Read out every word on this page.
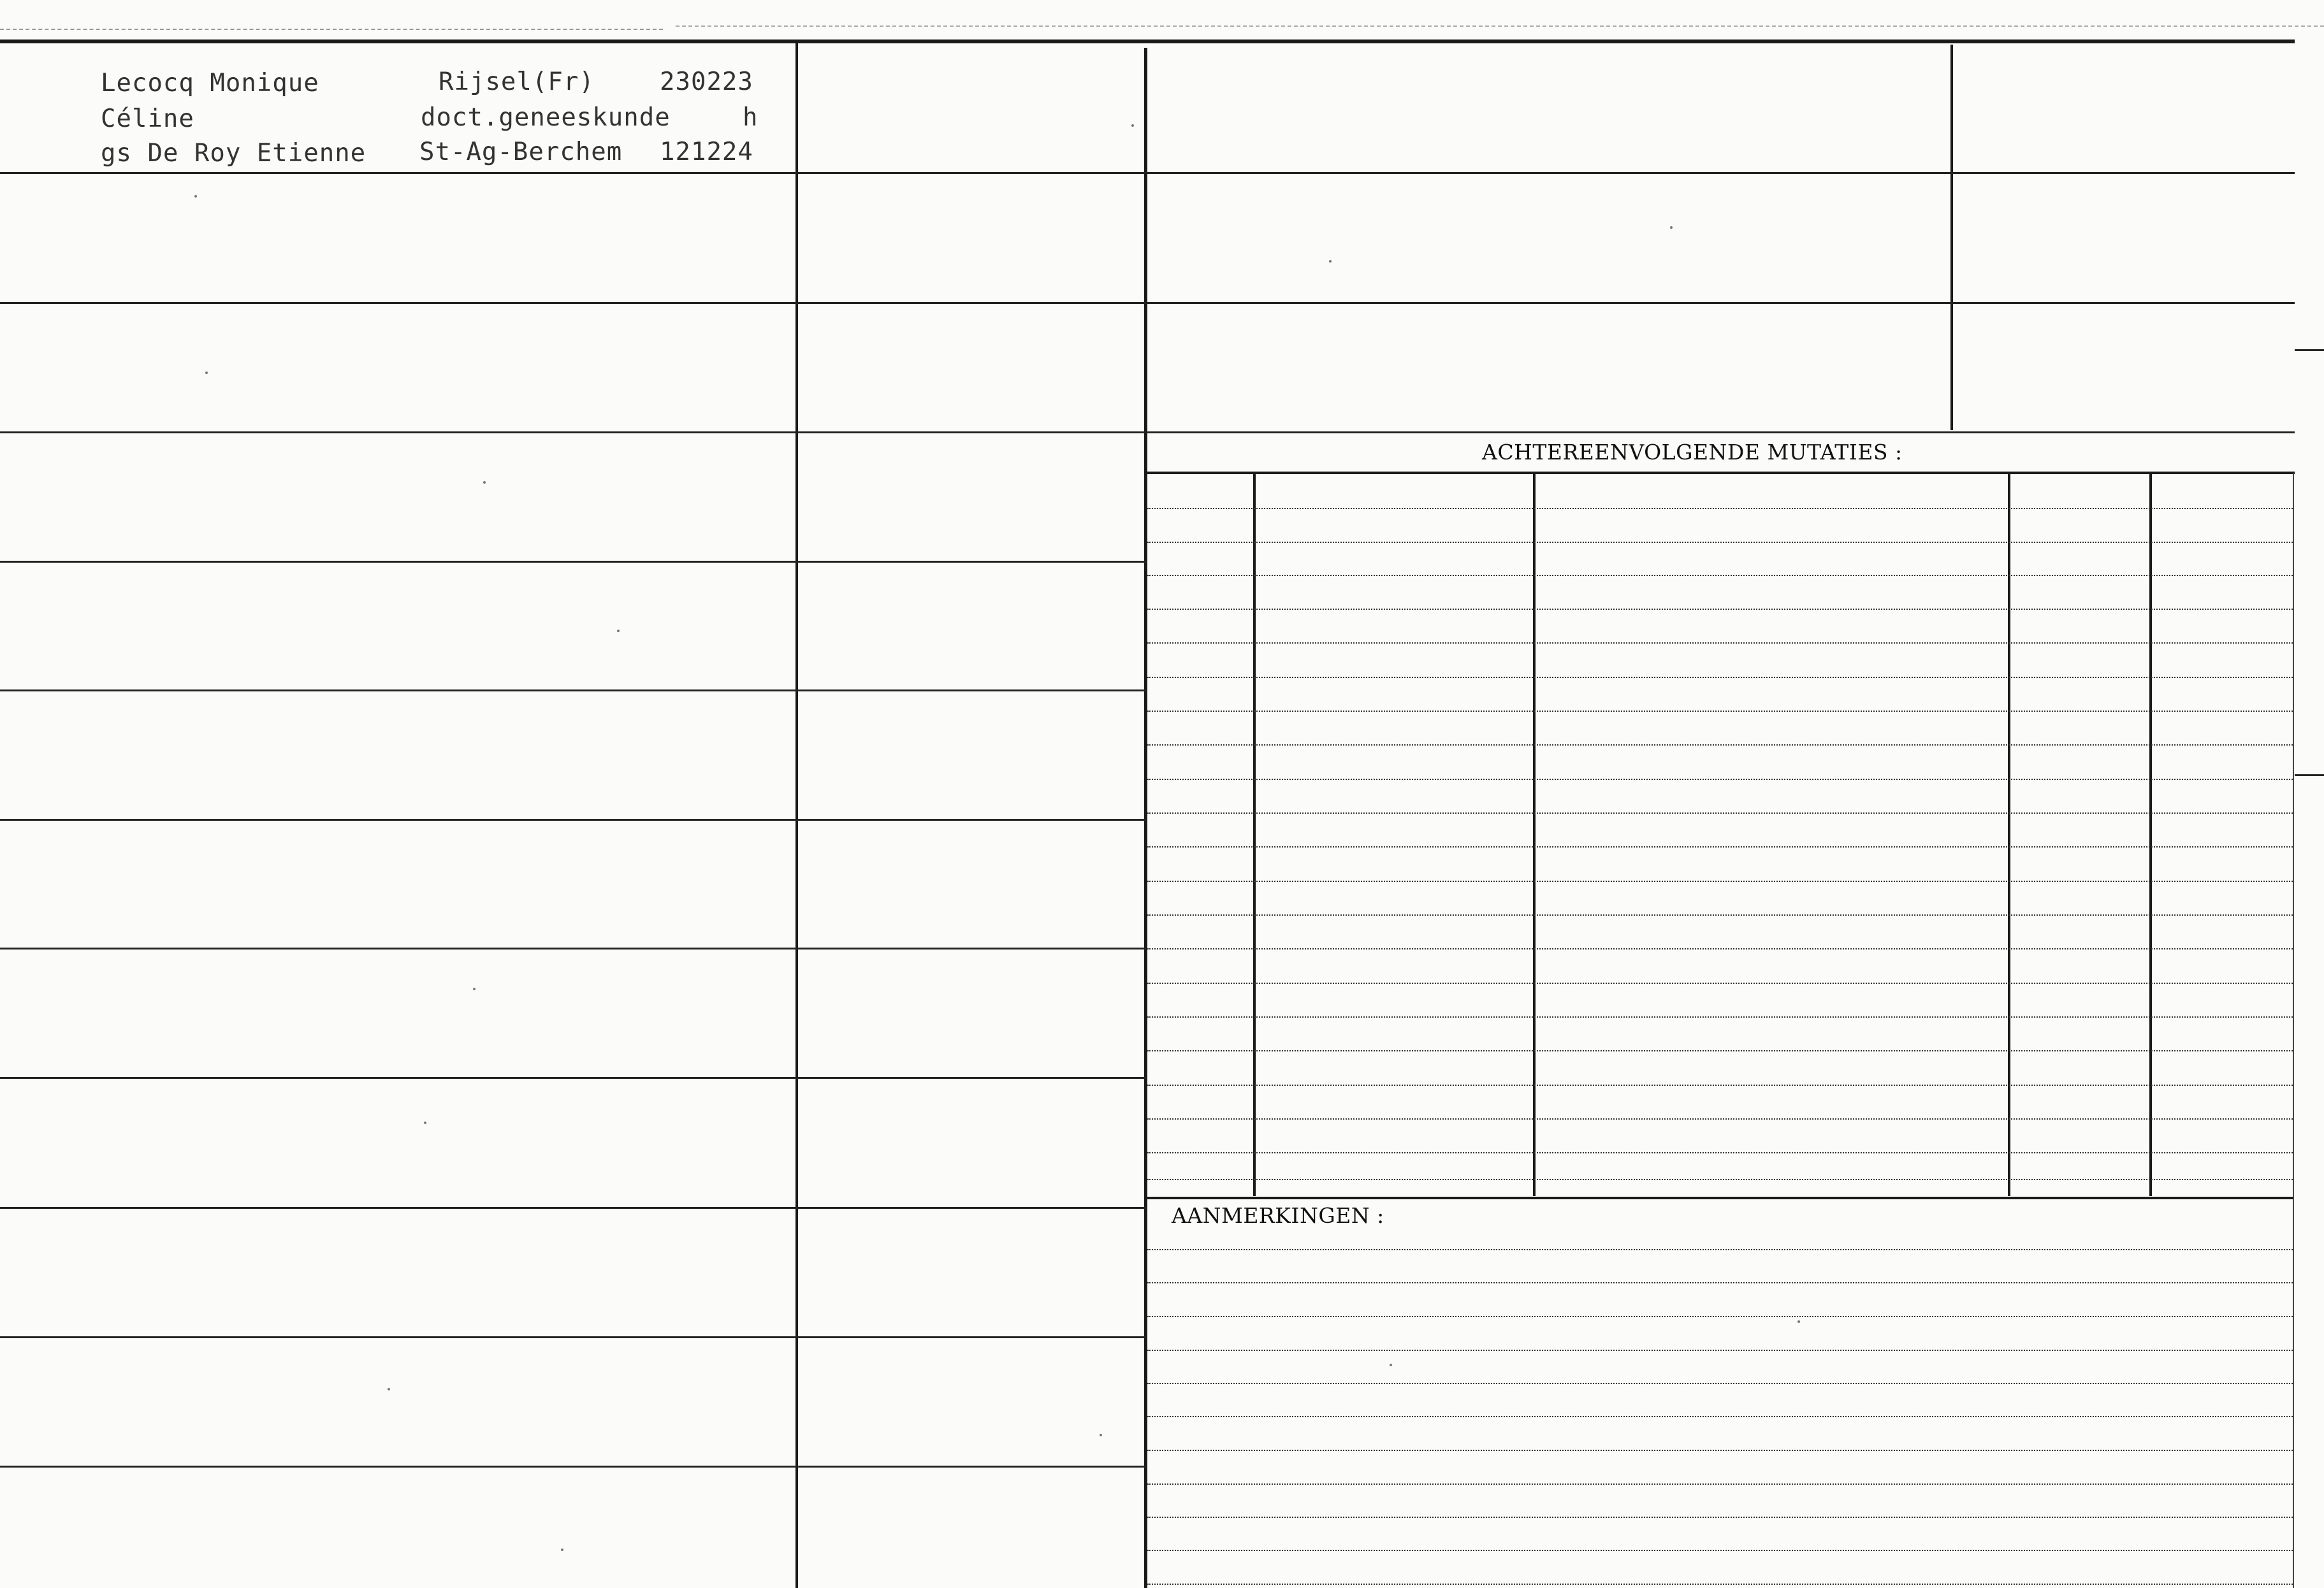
Lecocq Monique	Rijsel(Fr)	230223
Céline	doct.geneeskunde	h
gs De Roy Etienne St-Ag-Berchem 121224
ACHTEREENVOLGENDE MUTATIES :
AANMERKINGEN :
